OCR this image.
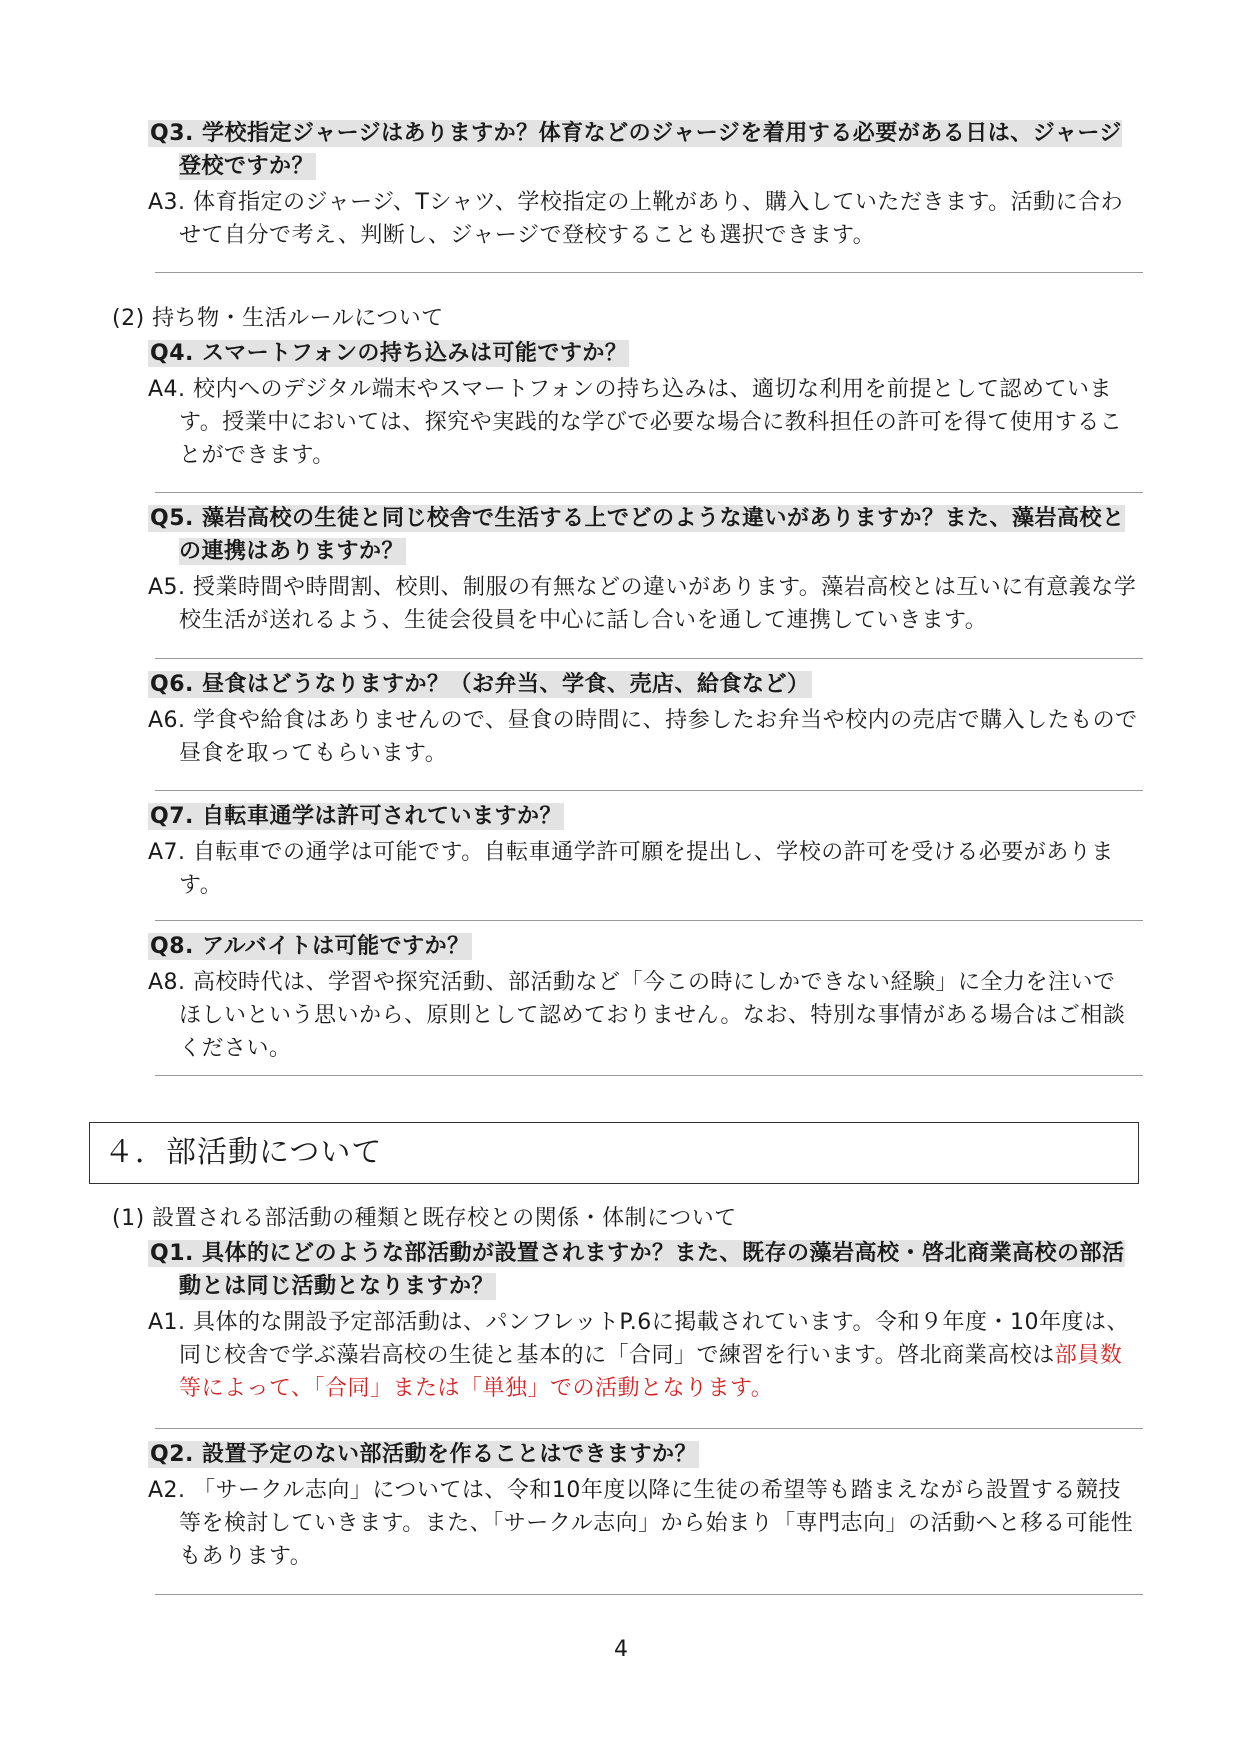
Q3. 学校指定ジャージはありますか？体育などのジャージを着用する必要がある日は、ジャージ登校ですか？
A3. 体育指定のジャージ、Tシャツ、学校指定の上靴があり、購入していただきます。活動に合わせて自分で考え、判断し、ジャージで登校することも選択できます。
(2) 持ち物・生活ルールについて
Q4. スマートフォンの持ち込みは可能ですか？
A4. 校内へのデジタル端末やスマートフォンの持ち込みは、適切な利用を前提として認めています。授業中においては、探究や実践的な学びで必要な場合に教科担任の許可を得て使用することができます。
Q5. 藻岩高校の生徒と同じ校舎で生活する上でどのような違いがありますか？また、藻岩高校との連携はありますか？
A5. 授業時間や時間割、校則、制服の有無などの違いがあります。藻岩高校とは互いに有意義な学校生活が送れるよう、生徒会役員を中心に話し合いを通して連携していきます。
Q6. 昼食はどうなりますか？（お弁当、学食、売店、給食など）
A6. 学食や給食はありませんので、昼食の時間に、持参したお弁当や校内の売店で購入したもので昼食を取ってもらいます。
Q7. 自転車通学は許可されていますか？
A7. 自転車での通学は可能です。自転車通学許可願を提出し、学校の許可を受ける必要があります。
Q8. アルバイトは可能ですか？
A8. 高校時代は、学習や探究活動、部活動など「今この時にしかできない経験」に全力を注いでほしいという思いから、原則として認めておりません。なお、特別な事情がある場合はご相談ください。
４．部活動について
(1) 設置される部活動の種類と既存校との関係・体制について
Q1. 具体的にどのような部活動が設置されますか？また、既存の藻岩高校・啓北商業高校の部活動とは同じ活動となりますか？
A1. 具体的な開設予定部活動は、パンフレットP.6に掲載されています。令和９年度・10年度は、同じ校舎で学ぶ藻岩高校の生徒と基本的に「合同」で練習を行います。啓北商業高校は部員数等によって、「合同」または「単独」での活動となります。
Q2. 設置予定のない部活動を作ることはできますか？
A2. 「サークル志向」については、令和10年度以降に生徒の希望等も踏まえながら設置する競技等を検討していきます。また、「サークル志向」から始まり「専門志向」の活動へと移る可能性もあります。
4
